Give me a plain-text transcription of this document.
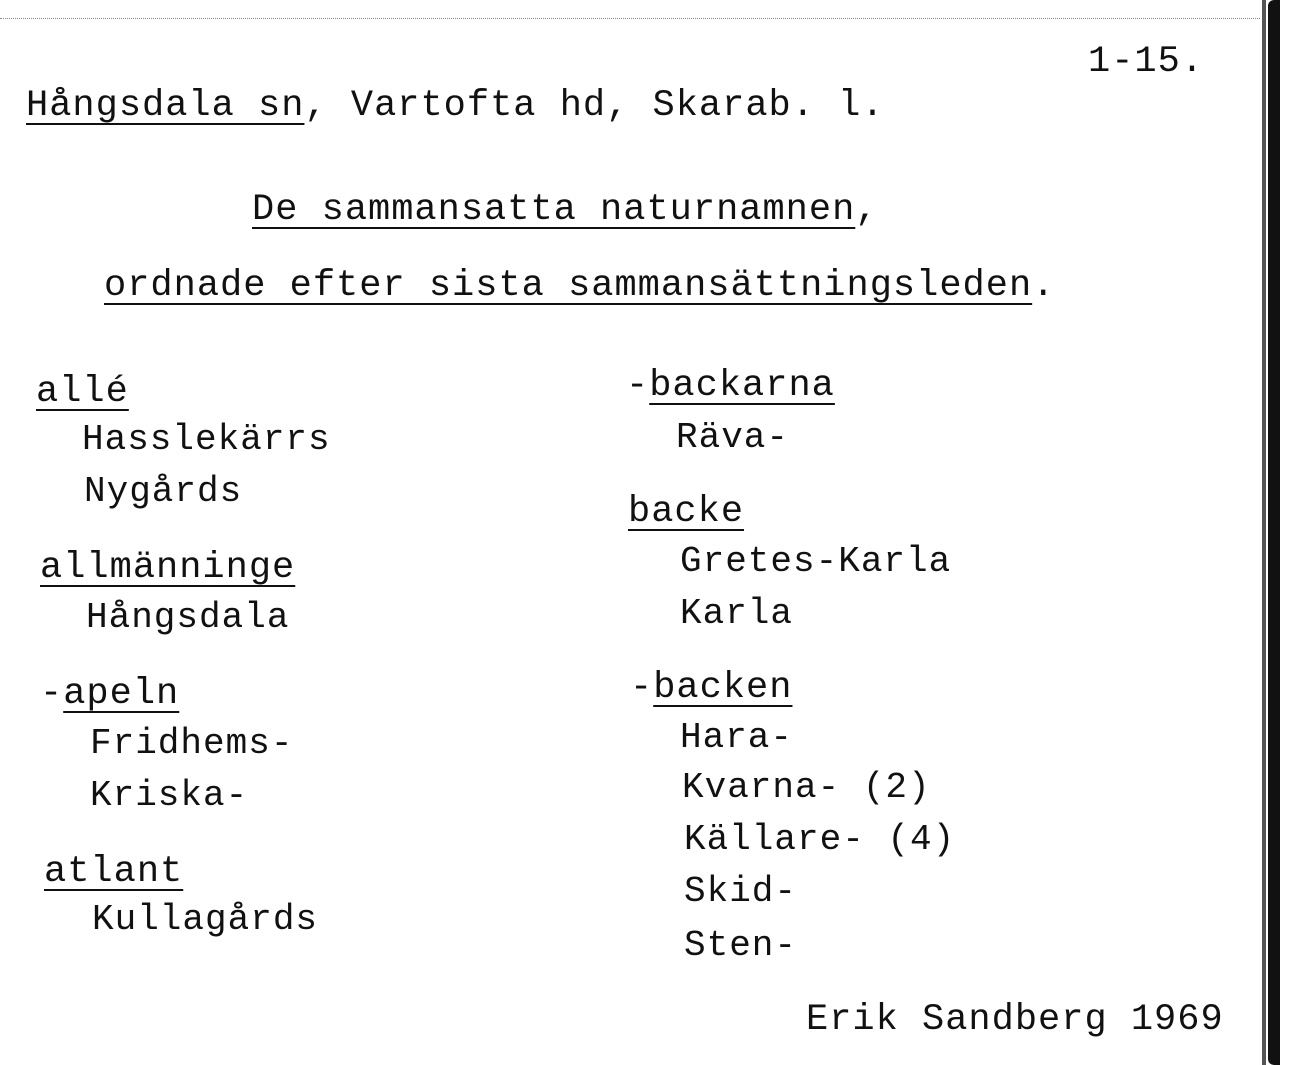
1-15.
Hångsdala sn, Vartofta hd, Skarab. l.
De sammansatta naturnamnen,
ordnade efter sista sammansättningsleden.
allé
Hasslekärrs
Nygårds
allmänninge
Hångsdala
-apeln
Fridhems-
Kriska-
atlant
Kullagårds
-backarna
Räva-
backe
Gretes-Karla
Karla
-backen
Hara-
Kvarna- (2)
Källare- (4)
Skid-
Sten-
Erik Sandberg 1969
